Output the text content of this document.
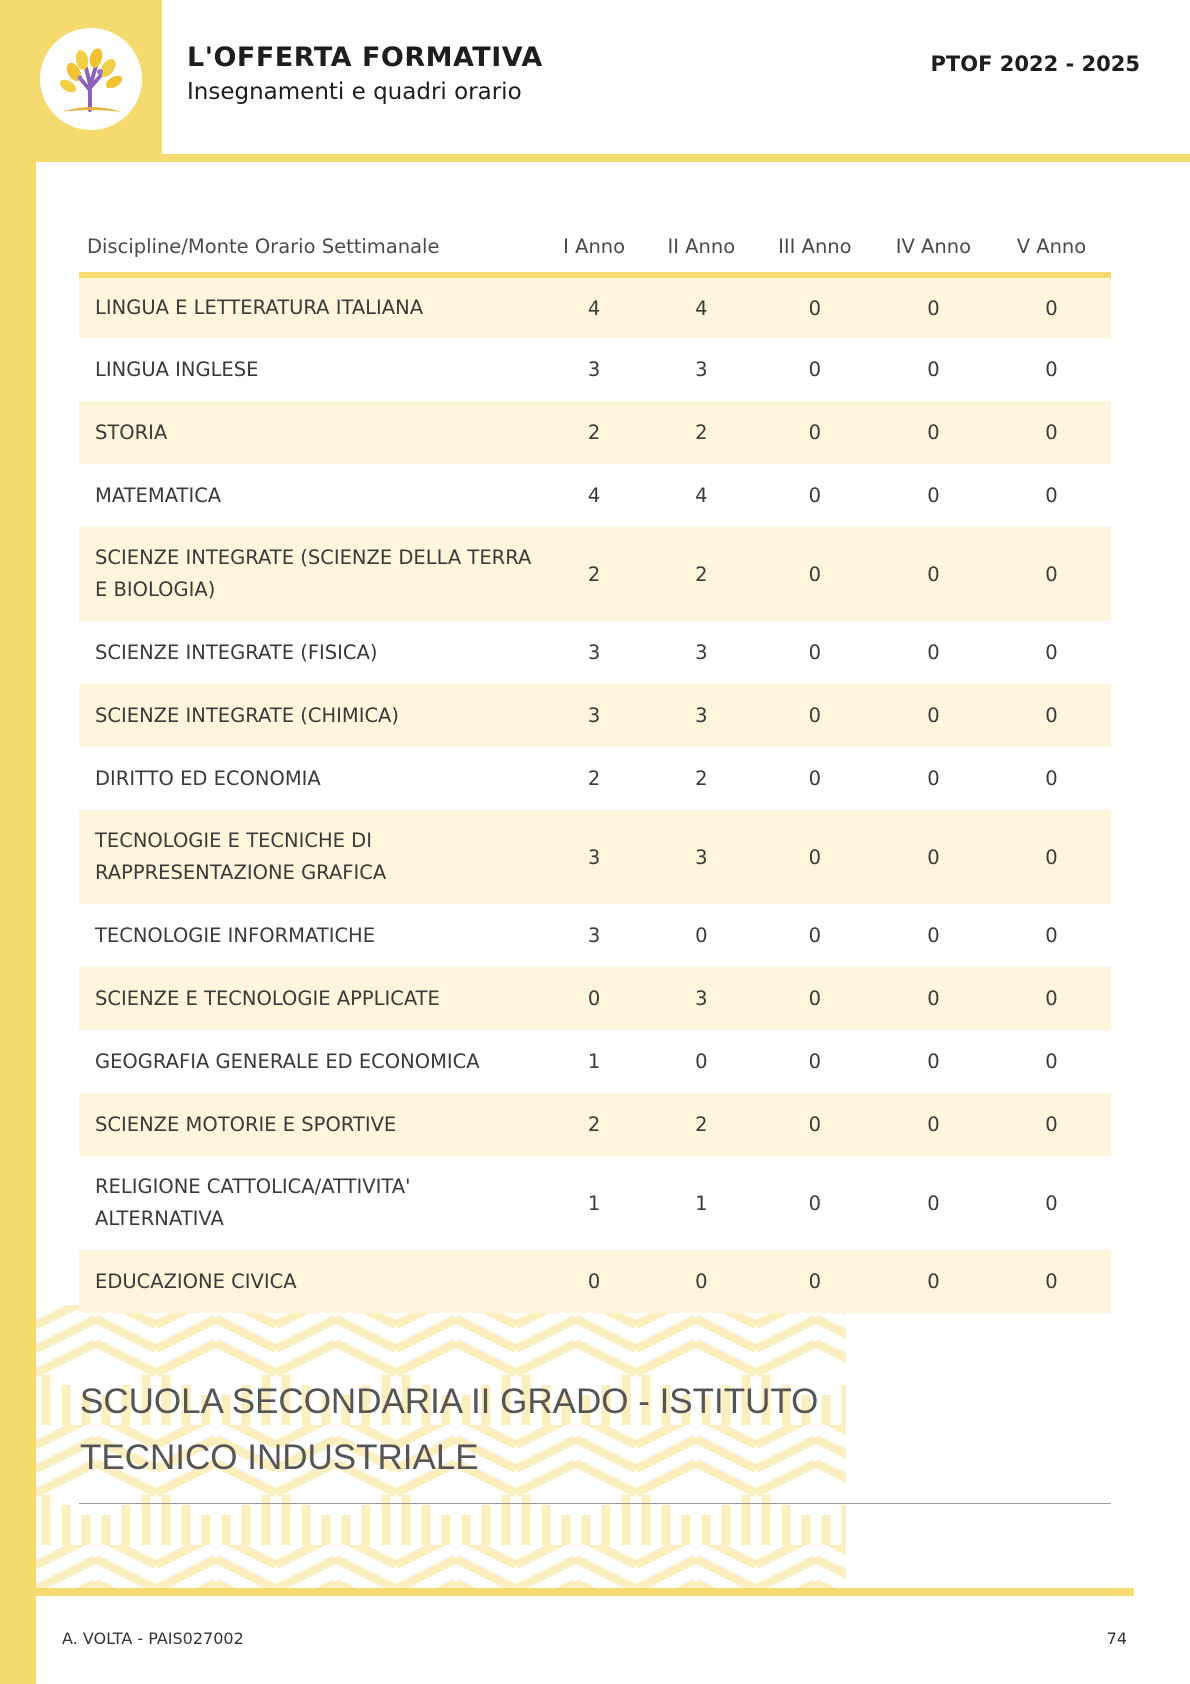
L'OFFERTA FORMATIVA
Insegnamenti e quadri orario
PTOF 2022 - 2025
Discipline/Monte Orario Settimanale	I Anno	II Anno	III Anno	IV Anno	V Anno
LINGUA E LETTERATURA ITALIANA	4	4	0	0	0
LINGUA INGLESE	3	3	0	0	0
STORIA	2	2	0	0	0
MATEMATICA	4	4	0	0	0
SCIENZE INTEGRATE (SCIENZE DELLA TERRA E BIOLOGIA)	2	2	0	0	0
SCIENZE INTEGRATE (FISICA)	3	3	0	0	0
SCIENZE INTEGRATE (CHIMICA)	3	3	0	0	0
DIRITTO ED ECONOMIA	2	2	0	0	0
TECNOLOGIE E TECNICHE DI RAPPRESENTAZIONE GRAFICA	3	3	0	0	0
TECNOLOGIE INFORMATICHE	3	0	0	0	0
SCIENZE E TECNOLOGIE APPLICATE	0	3	0	0	0
GEOGRAFIA GENERALE ED ECONOMICA	1	0	0	0	0
SCIENZE MOTORIE E SPORTIVE	2	2	0	0	0
RELIGIONE CATTOLICA/ATTIVITA' ALTERNATIVA	1	1	0	0	0
EDUCAZIONE CIVICA	0	0	0	0	0
SCUOLA SECONDARIA II GRADO - ISTITUTO TECNICO INDUSTRIALE
A. VOLTA - PAIS027002	74
